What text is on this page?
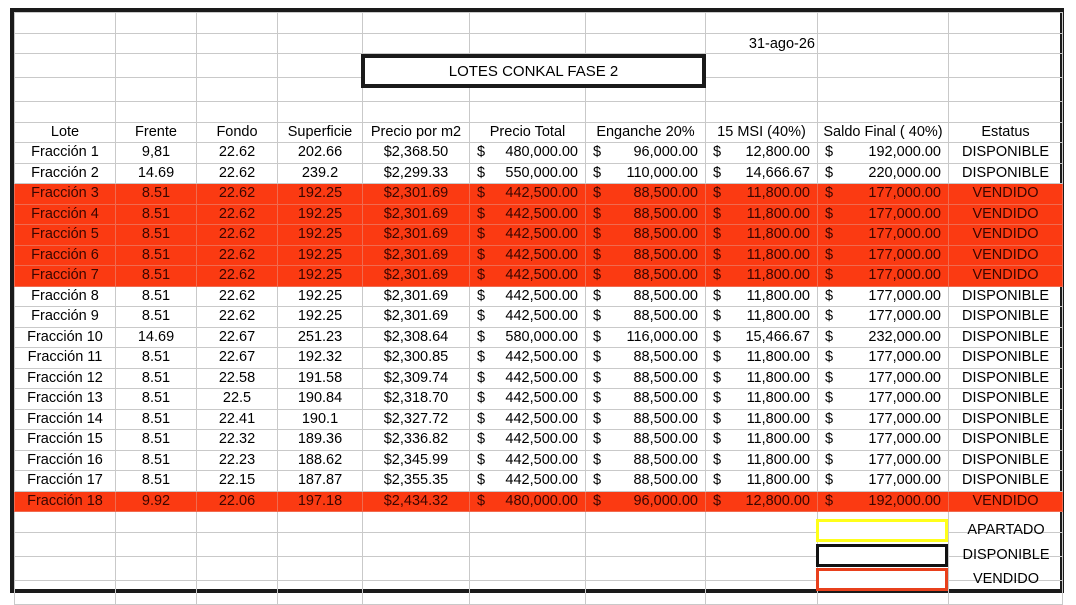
Lote	Frente	Fondo	Superficie	Precio por m2	Precio Total	Enganche 20%	15 MSI (40%)	Saldo Final ( 40%)	Estatus
Fracción 1	9,81	22.62	202.66	$2,368.50	$ 480,000.00	$ 96,000.00	$ 12,800.00	$ 192,000.00	DISPONIBLE
Fracción 2	14.69	22.62	239.2	$2,299.33	$ 550,000.00	$ 110,000.00	$ 14,666.67	$ 220,000.00	DISPONIBLE
Fracción 3	8.51	22.62	192.25	$2,301.69	$ 442,500.00	$ 88,500.00	$ 11,800.00	$ 177,000.00	VENDIDO
Fracción 4	8.51	22.62	192.25	$2,301.69	$ 442,500.00	$ 88,500.00	$ 11,800.00	$ 177,000.00	VENDIDO
Fracción 5	8.51	22.62	192.25	$2,301.69	$ 442,500.00	$ 88,500.00	$ 11,800.00	$ 177,000.00	VENDIDO
Fracción 6	8.51	22.62	192.25	$2,301.69	$ 442,500.00	$ 88,500.00	$ 11,800.00	$ 177,000.00	VENDIDO
Fracción 7	8.51	22.62	192.25	$2,301.69	$ 442,500.00	$ 88,500.00	$ 11,800.00	$ 177,000.00	VENDIDO
Fracción 8	8.51	22.62	192.25	$2,301.69	$ 442,500.00	$ 88,500.00	$ 11,800.00	$ 177,000.00	DISPONIBLE
Fracción 9	8.51	22.62	192.25	$2,301.69	$ 442,500.00	$ 88,500.00	$ 11,800.00	$ 177,000.00	DISPONIBLE
Fracción 10	14.69	22.67	251.23	$2,308.64	$ 580,000.00	$ 116,000.00	$ 15,466.67	$ 232,000.00	DISPONIBLE
Fracción 11	8.51	22.67	192.32	$2,300.85	$ 442,500.00	$ 88,500.00	$ 11,800.00	$ 177,000.00	DISPONIBLE
Fracción 12	8.51	22.58	191.58	$2,309.74	$ 442,500.00	$ 88,500.00	$ 11,800.00	$ 177,000.00	DISPONIBLE
Fracción 13	8.51	22.5	190.84	$2,318.70	$ 442,500.00	$ 88,500.00	$ 11,800.00	$ 177,000.00	DISPONIBLE
Fracción 14	8.51	22.41	190.1	$2,327.72	$ 442,500.00	$ 88,500.00	$ 11,800.00	$ 177,000.00	DISPONIBLE
Fracción 15	8.51	22.32	189.36	$2,336.82	$ 442,500.00	$ 88,500.00	$ 11,800.00	$ 177,000.00	DISPONIBLE
Fracción 16	8.51	22.23	188.62	$2,345.99	$ 442,500.00	$ 88,500.00	$ 11,800.00	$ 177,000.00	DISPONIBLE
Fracción 17	8.51	22.15	187.87	$2,355.35	$ 442,500.00	$ 88,500.00	$ 11,800.00	$ 177,000.00	DISPONIBLE
Fracción 18	9.92	22.06	197.18	$2,434.32	$ 480,000.00	$ 96,000.00	$ 12,800.00	$ 192,000.00	VENDIDO

31-ago-26
LOTES CONKAL FASE 2
APARTADO
DISPONIBLE
VENDIDO
